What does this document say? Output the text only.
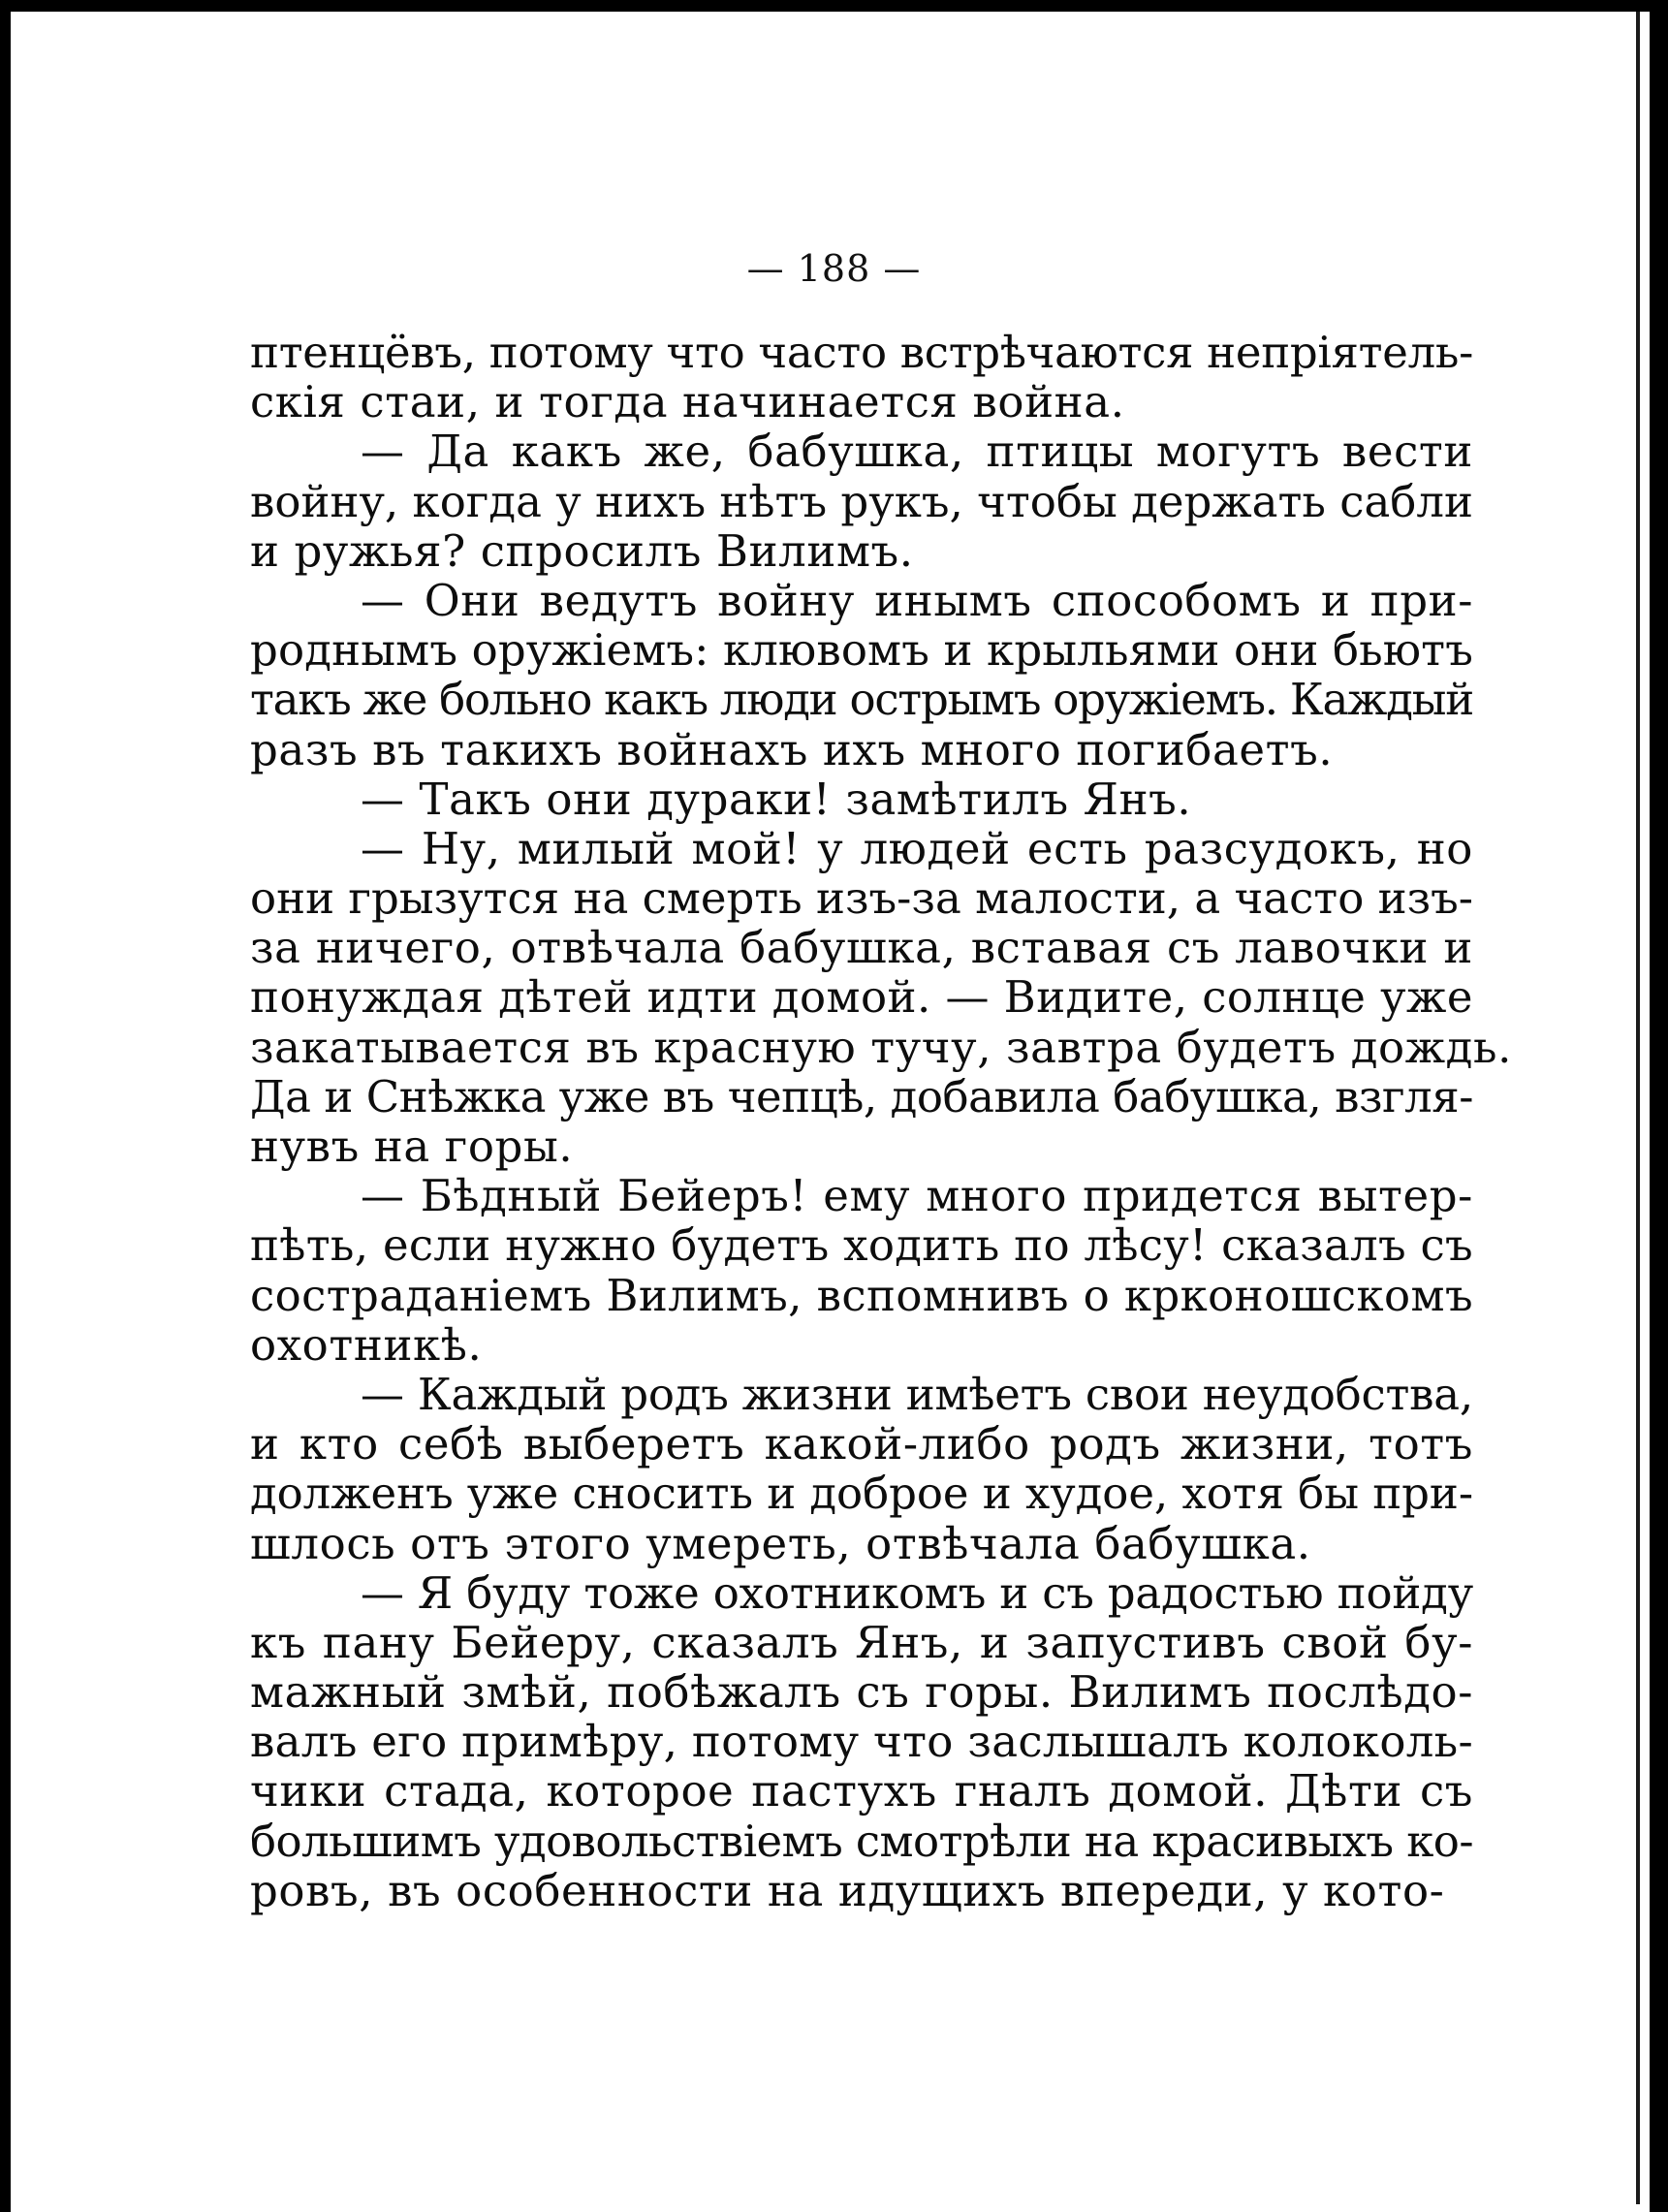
— 188 —
птенцёвъ, потому что часто встрѣчаются непріятель-
скія стаи, и тогда начинается война.
— Да какъ же, бабушка, птицы могутъ вести
войну, когда у нихъ нѣтъ рукъ, чтобы держать сабли
и ружья? спросилъ Вилимъ.
— Они ведутъ войну инымъ способомъ и при-
роднымъ оружіемъ: клювомъ и крыльями они бьютъ
такъ же больно какъ люди острымъ оружіемъ. Каждый
разъ въ такихъ войнахъ ихъ много погибаетъ.
— Такъ они дураки! замѣтилъ Янъ.
— Ну, милый мой! у людей есть разсудокъ, но
они грызутся на смерть изъ-за малости, а часто изъ-
за ничего, отвѣчала бабушка, вставая съ лавочки и
понуждая дѣтей идти домой. — Видите, солнце уже
закатывается въ красную тучу, завтра будетъ дождь.
Да и Снѣжка уже въ чепцѣ, добавила бабушка, взгля-
нувъ на горы.
— Бѣдный Бейеръ! ему много придется вытер-
пѣть, если нужно будетъ ходить по лѣсу! сказалъ съ
состраданіемъ Вилимъ, вспомнивъ о крконошскомъ
охотникѣ.
— Каждый родъ жизни имѣетъ свои неудобства,
и кто себѣ выберетъ какой-либо родъ жизни, тотъ
долженъ уже сносить и доброе и худое, хотя бы при-
шлось отъ этого умереть, отвѣчала бабушка.
— Я буду тоже охотникомъ и съ радостью пойду
къ пану Бейеру, сказалъ Янъ, и запустивъ свой бу-
мажный змѣй, побѣжалъ съ горы. Вилимъ послѣдо-
валъ его примѣру, потому что заслышалъ колоколь-
чики стада, которое пастухъ гналъ домой. Дѣти съ
большимъ удовольствіемъ смотрѣли на красивыхъ ко-
ровъ, въ особенности на идущихъ впереди, у кото-
